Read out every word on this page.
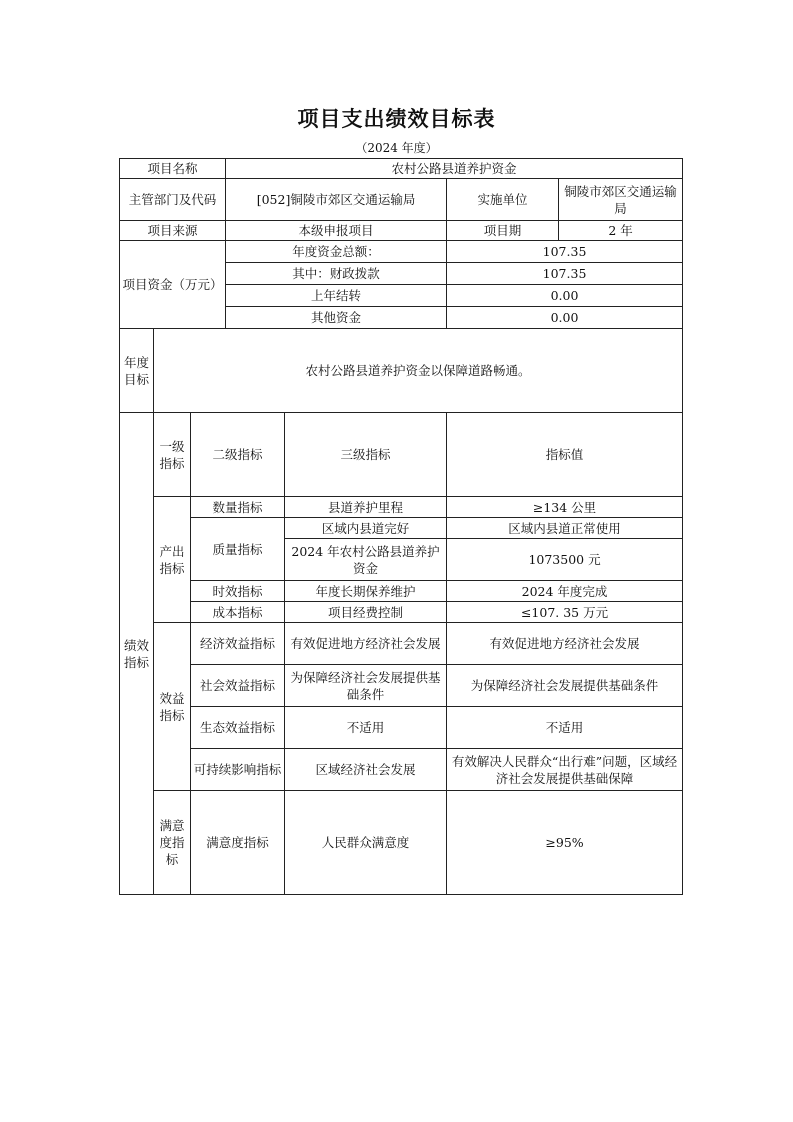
项目支出绩效目标表
（2024 年度）
项目名称			农村公路县道养护资金			
主管部门及代码			[052]铜陵市郊区交通运输局		实施单位	铜陵市郊区交通运输局
项目来源			本级申报项目		项目期	2 年
项目资金（万元）			年度资金总额：		107.35	
			其中：财政拨款		107.35	
			上年结转		0.00	
			其他资金		0.00	
年度目标	农村公路县道养护资金以保障道路畅通。					
绩效指标	一级指标	二级指标		三级指标	指标值	
	产出指标	数量指标		县道养护里程	≥134 公里	
		质量指标		区域内县道完好	区域内县道正常使用	
				2024 年农村公路县道养护资金	1073500 元	
		时效指标		年度长期保养维护	2024 年度完成	
		成本指标		项目经费控制	≤107. 35 万元	

	效益指标	经济效益指标		有效促进地方经济社会发展	有效促进地方经济社会发展	
		社会效益指标		为保障经济社会发展提供基础条件	为保障经济社会发展提供基础条件	
		生态效益指标		不适用	不适用	
		可持续影响指标		区域经济社会发展	有效解决人民群众“出行难”问题，区域经济社会发展提供基础保障	
	满意度指标	满意度指标		人民群众满意度	≥95%	
